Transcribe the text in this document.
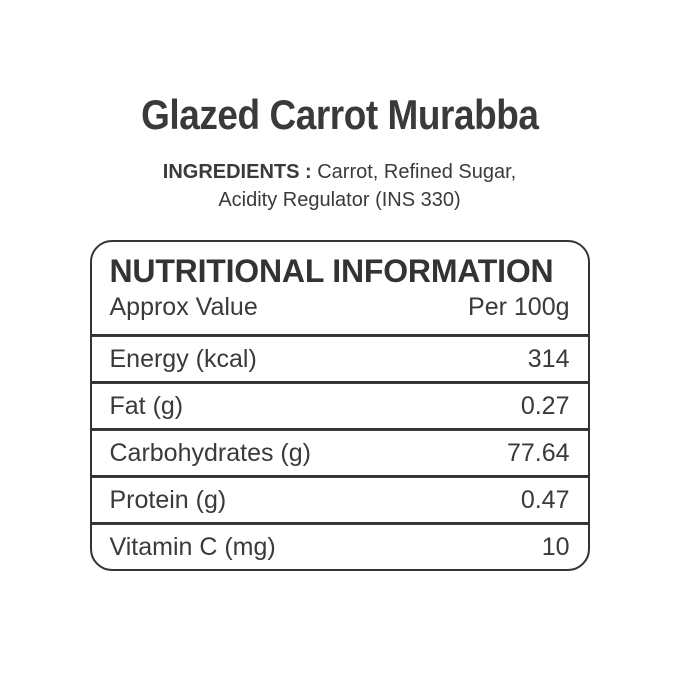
Glazed Carrot Murabba
INGREDIENTS : Carrot, Refined Sugar,
Acidity Regulator (INS 330)
NUTRITIONAL INFORMATION
Approx Value	Per 100g
Energy (kcal)	314
Fat (g)	0.27
Carbohydrates (g)	77.64
Protein (g)	0.47
Vitamin C (mg)	10
